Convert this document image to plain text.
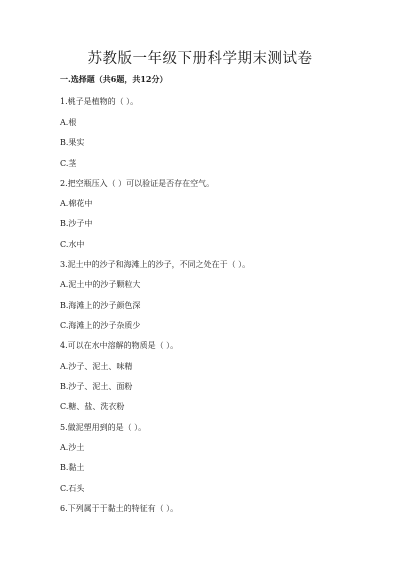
苏教版一年级下册科学期末测试卷
一.选择题（共6题，共12分）
1.桃子是植物的（ ）。
A.根
B.果实
C.茎
2.把空瓶压入（ ）可以验证是否存在空气。
A.棉花中
B.沙子中
C.水中
3.泥土中的沙子和海滩上的沙子，不同之处在于（ ）。
A.泥土中的沙子颗粒大
B.海滩上的沙子颜色深
C.海滩上的沙子杂质少
4.可以在水中溶解的物质是（ ）。
A.沙子、泥土、味精
B.沙子、泥土、面粉
C.糖、盐、洗衣粉
5.做泥塑用到的是（ ）。
A.沙土
B.黏土
C.石头
6.下列属于于黏土的特征有（ ）。
